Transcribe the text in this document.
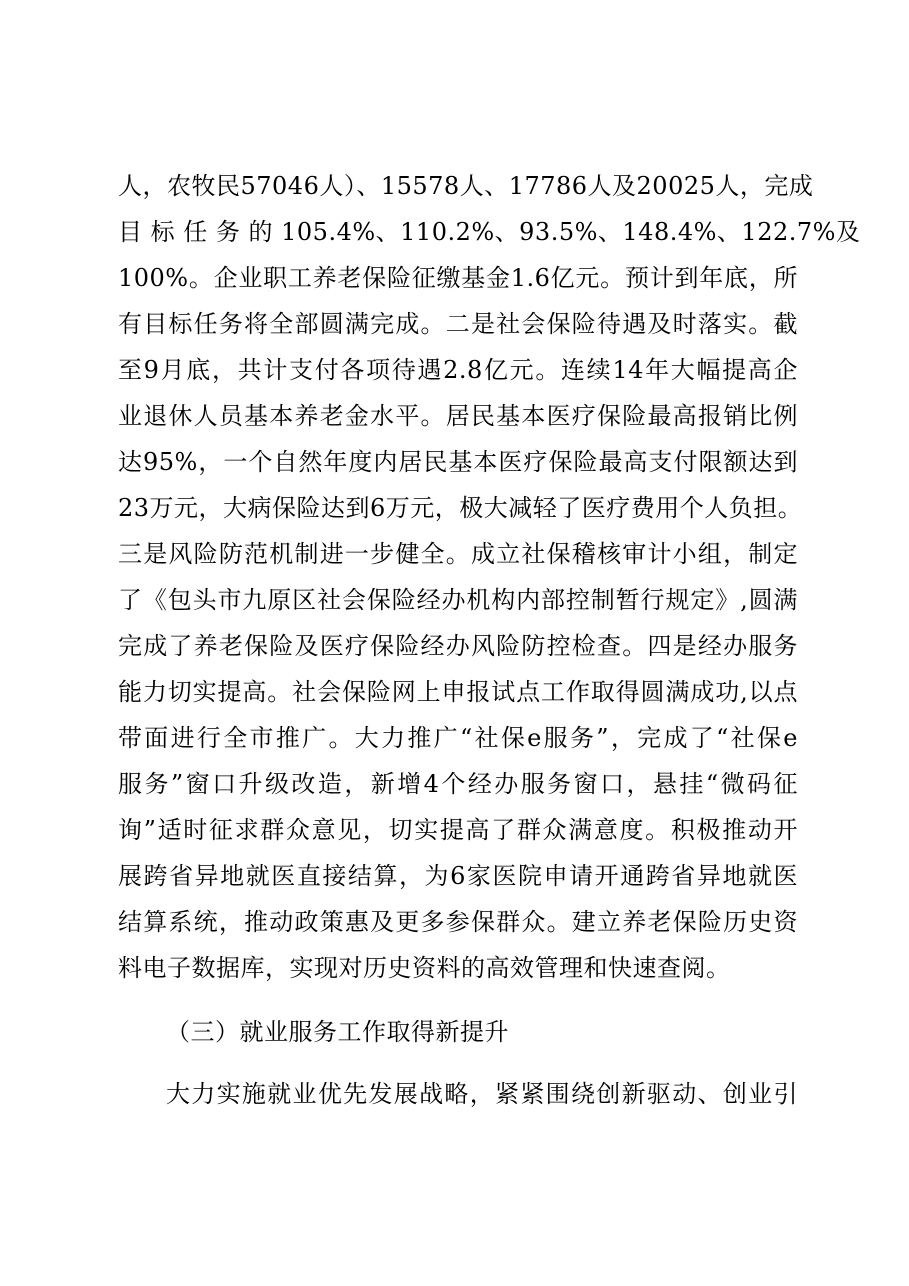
人，农牧民57046人）、15578人、17786人及20025人，完成
目 标 任 务 的 105.4%、110.2%、93.5%、148.4%、122.7%及
100%。企业职工养老保险征缴基金1.6亿元。预计到年底，所
有目标任务将全部圆满完成。二是社会保险待遇及时落实。截
至9月底，共计支付各项待遇2.8亿元。连续14年大幅提高企
业退休人员基本养老金水平。居民基本医疗保险最高报销比例
达95%，一个自然年度内居民基本医疗保险最高支付限额达到
23万元，大病保险达到6万元，极大减轻了医疗费用个人负担。
三是风险防范机制进一步健全。成立社保稽核审计小组，制定
了《包头市九原区社会保险经办机构内部控制暂行规定》,圆满
完成了养老保险及医疗保险经办风险防控检查。四是经办服务
能力切实提高。社会保险网上申报试点工作取得圆满成功,以点
带面进行全市推广。大力推广“社保e服务”，完成了“社保e
服务”窗口升级改造，新增4个经办服务窗口，悬挂“微码征
询”适时征求群众意见，切实提高了群众满意度。积极推动开
展跨省异地就医直接结算，为6家医院申请开通跨省异地就医
结算系统，推动政策惠及更多参保群众。建立养老保险历史资
料电子数据库，实现对历史资料的高效管理和快速查阅。
（三）就业服务工作取得新提升
大力实施就业优先发展战略，紧紧围绕创新驱动、创业引
